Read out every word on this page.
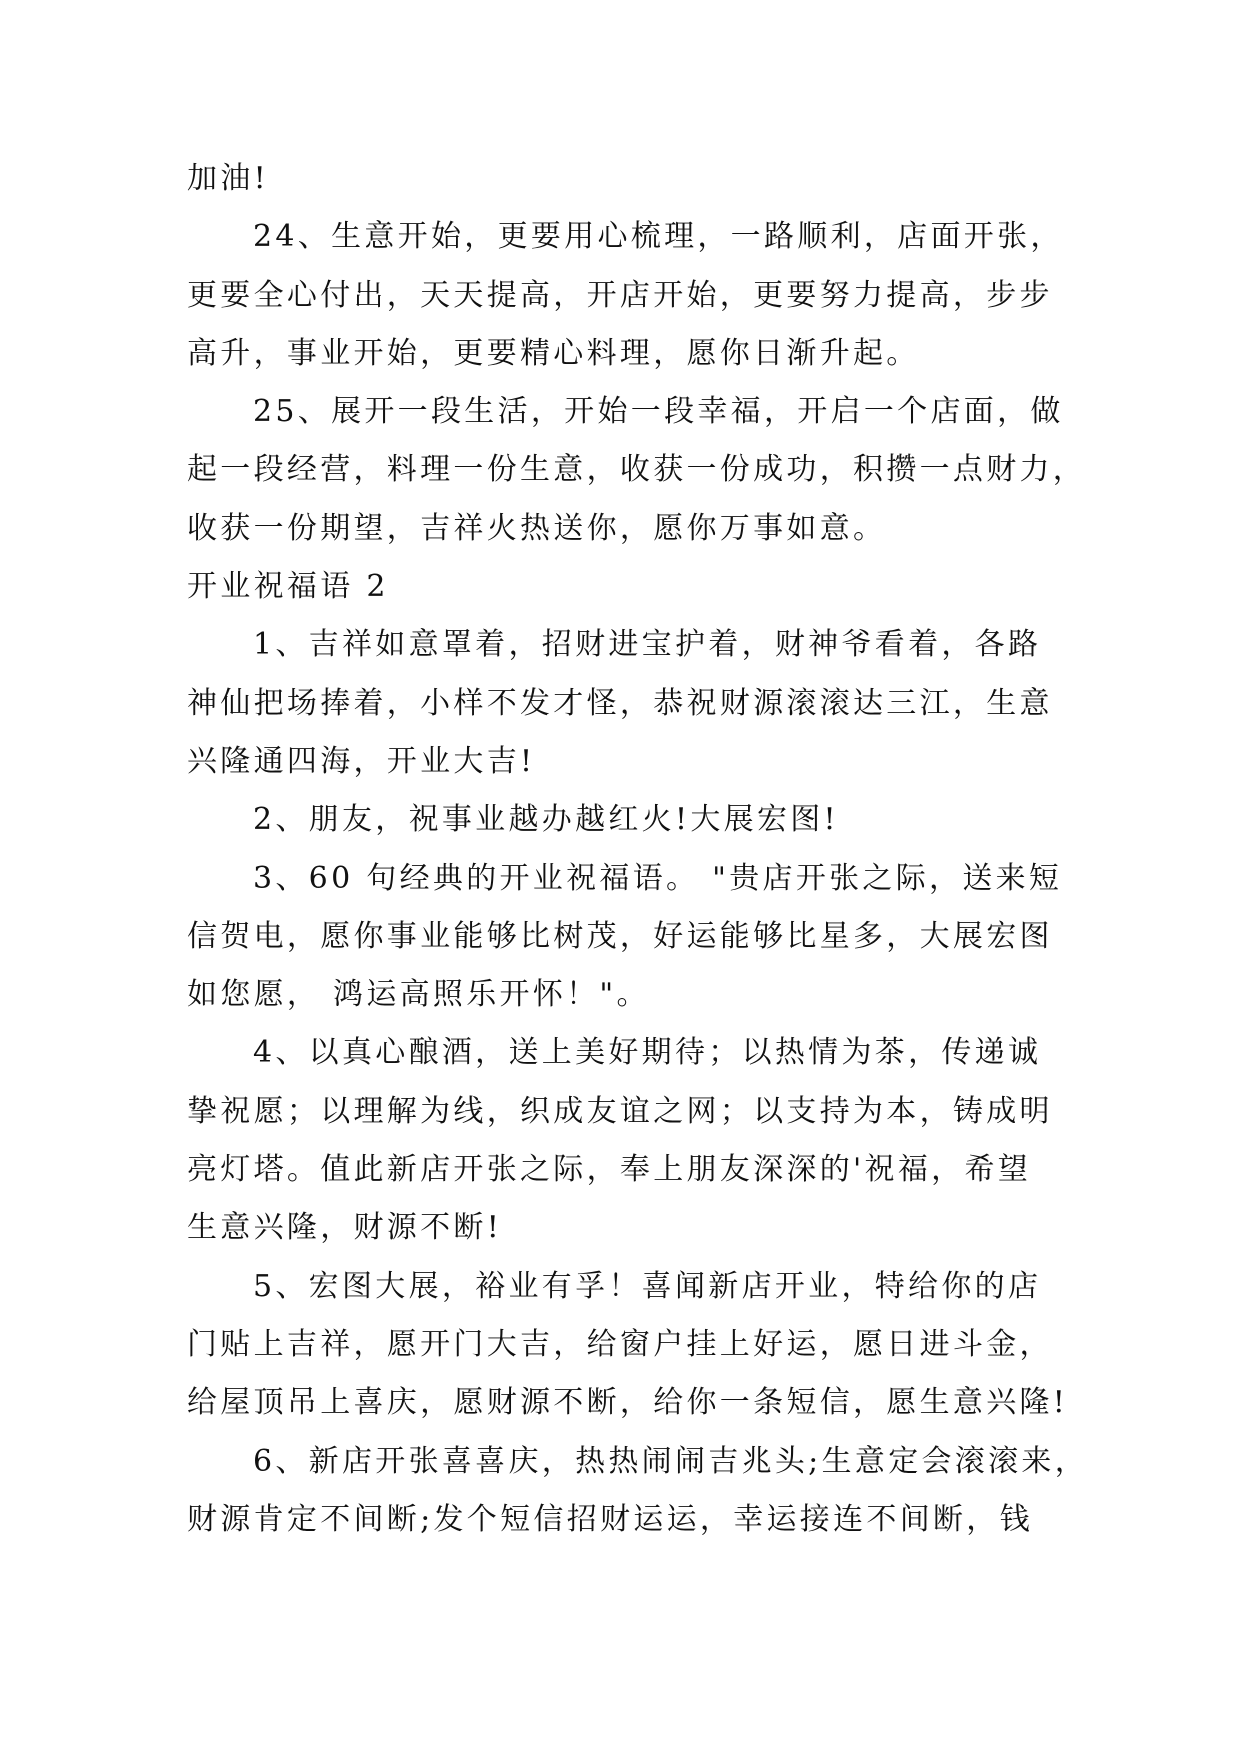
加油!
24、生意开始，更要用心梳理，一路顺利，店面开张，
更要全心付出，天天提高，开店开始，更要努力提高，步步
高升，事业开始，更要精心料理，愿你日渐升起。
25、展开一段生活，开始一段幸福，开启一个店面，做
起一段经营，料理一份生意，收获一份成功，积攒一点财力，
收获一份期望，吉祥火热送你，愿你万事如意。
开业祝福语 2
1、吉祥如意罩着，招财进宝护着，财神爷看着，各路
神仙把场捧着，小样不发才怪，恭祝财源滚滚达三江，生意
兴隆通四海，开业大吉!
2、朋友，祝事业越办越红火!大展宏图!
3、60 句经典的开业祝福语。 "贵店开张之际，送来短
信贺电，愿你事业能够比树茂，好运能够比星多，大展宏图
如您愿， 鸿运高照乐开怀！"。
4、以真心酿酒，送上美好期待；以热情为茶，传递诚
挚祝愿；以理解为线，织成友谊之网；以支持为本，铸成明
亮灯塔。值此新店开张之际，奉上朋友深深的'祝福，希望
生意兴隆，财源不断!
5、宏图大展，裕业有孚！喜闻新店开业，特给你的店
门贴上吉祥，愿开门大吉，给窗户挂上好运，愿日进斗金，
给屋顶吊上喜庆，愿财源不断，给你一条短信，愿生意兴隆!
6、新店开张喜喜庆，热热闹闹吉兆头;生意定会滚滚来，
财源肯定不间断;发个短信招财运运，幸运接连不间断，钱
